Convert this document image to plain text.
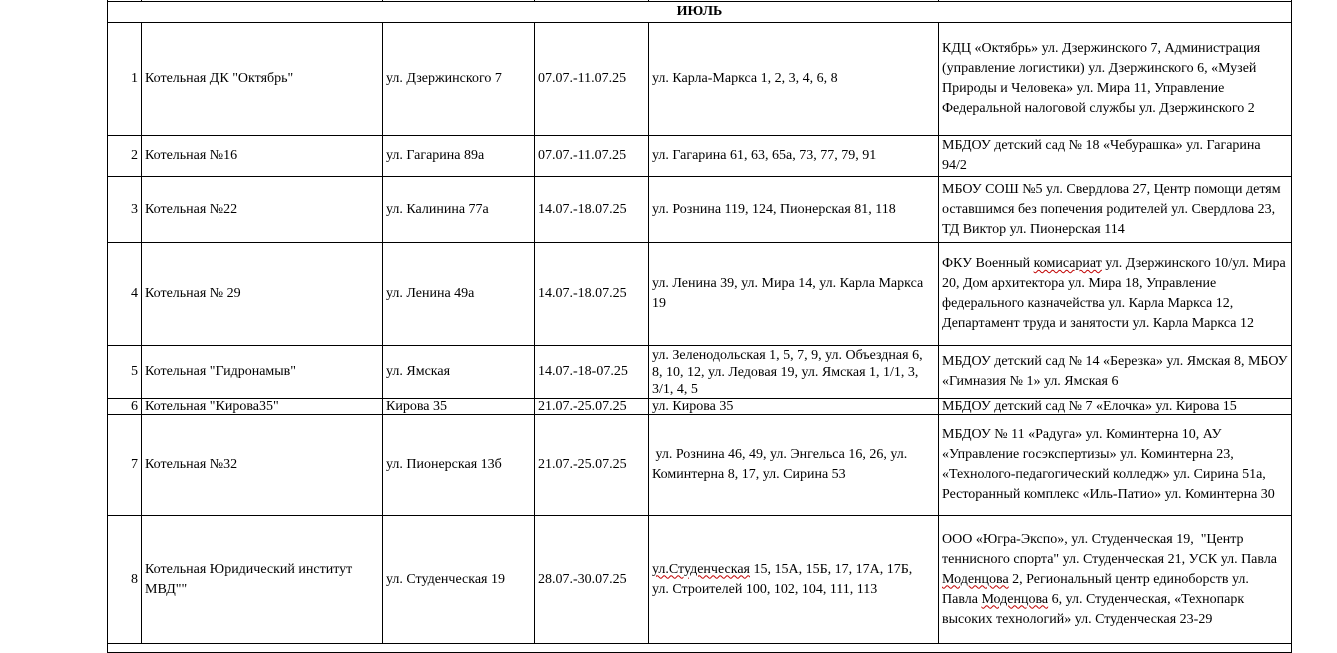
ИЮЛЬ					
1	Котельная ДК "Октябрь"	ул. Дзержинского 7	07.07.-11.07.25	ул. Карла-Маркса 1, 2, 3, 4, 6, 8	КДЦ «Октябрь» ул. Дзержинского 7, Администрация (управление логистики) ул. Дзержинского 6, «Музей Природы и Человека» ул. Мира 11, Управление Федеральной налоговой службы ул. Дзержинского 2
2	Котельная №16	ул. Гагарина 89а	07.07.-11.07.25	ул. Гагарина 61, 63, 65а, 73, 77, 79, 91	МБДОУ детский сад № 18 «Чебурашка» ул. Гагарина 94/2
3	Котельная №22	ул. Калинина 77а	14.07.-18.07.25	ул. Рознина 119, 124, Пионерская 81, 118	МБОУ СОШ №5 ул. Свердлова 27, Центр помощи детям оставшимся без попечения родителей ул. Свердлова 23, ТД Виктор ул. Пионерская 114
4	Котельная № 29	ул. Ленина 49а	14.07.-18.07.25	ул. Ленина 39, ул. Мира 14, ул. Карла Маркса 19	ФКУ Военный комисариат ул. Дзержинского 10/ул. Мира 20, Дом архитектора ул. Мира 18, Управление федерального казначейства ул. Карла Маркса 12, Департамент труда и занятости ул. Карла Маркса 12
5	Котельная "Гидронамыв"	ул. Ямская	14.07.-18-07.25	ул. Зеленодольская 1, 5, 7, 9, ул. Объездная 6, 8, 10, 12, ул. Ледовая 19, ул. Ямская 1, 1/1, 3, 3/1, 4, 5	МБДОУ детский сад № 14 «Березка» ул. Ямская 8, МБОУ «Гимназия № 1» ул. Ямская 6
6	Котельная "Кирова35"	Кирова 35	21.07.-25.07.25	ул. Кирова 35	МБДОУ детский сад № 7 «Елочка» ул. Кирова 15
7	Котельная №32	ул. Пионерская 13б	21.07.-25.07.25	ул. Рознина 46, 49, ул. Энгельса 16, 26, ул. Коминтерна 8, 17, ул. Сирина 53	МБДОУ № 11 «Радуга» ул. Коминтерна 10, АУ «Управление госэкспертизы» ул. Коминтерна 23, «Технолого-педагогический колледж» ул. Сирина 51а, Ресторанный комплекс «Иль-Патио» ул. Коминтерна 30
8	Котельная Юридический институт МВД""	ул. Студенческая 19	28.07.-30.07.25	ул.Студенческая 15, 15А, 15Б, 17, 17А, 17Б,  ул. Строителей 100, 102, 104, 111, 113	ООО «Югра-Экспо», ул. Студенческая 19,  "Центр теннисного спорта" ул. Студенческая 21, УСК ул. Павла Моденцова 2, Региональный центр единоборств ул. Павла Моденцова 6, ул. Студенческая, «Технопарк высоких технологий» ул. Студенческая 23-29
